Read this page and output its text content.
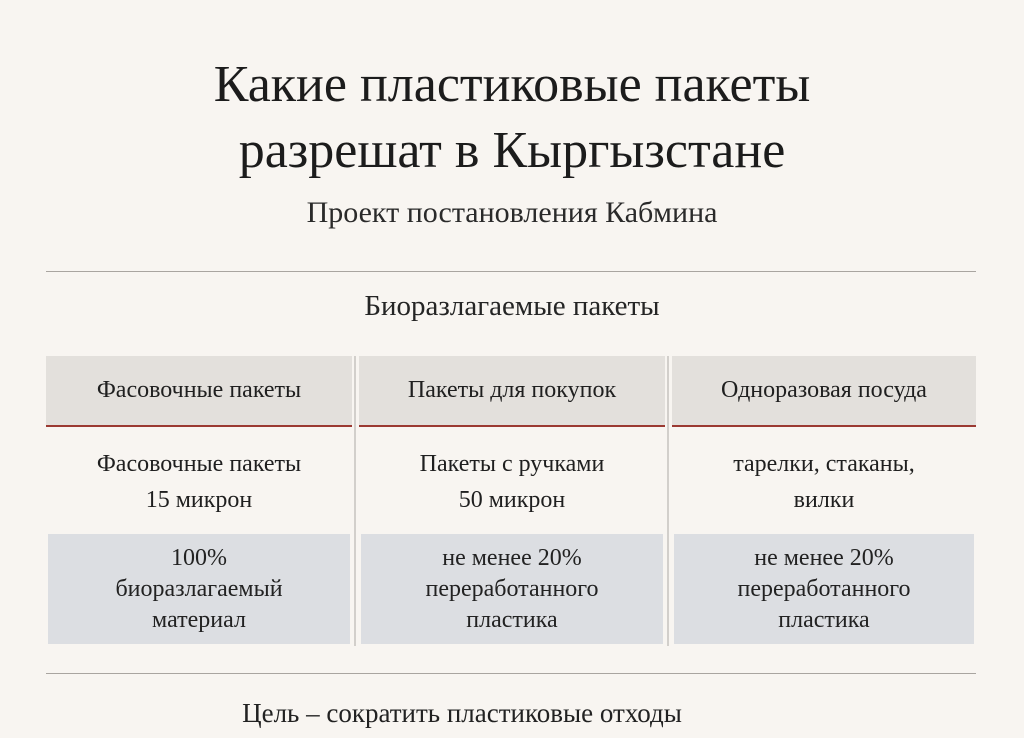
Какие пластиковые пакеты
разрешат в Кыргызстане
Проект постановления Кабмина
Биоразлагаемые пакеты
Фасовочные пакеты
Фасовочные пакеты
15 микрон
100%
биоразлагаемый
материал
Пакеты для покупок
Пакеты с ручками
50 микрон
не менее 20%
переработанного
пластика
Одноразовая посуда
тарелки, стаканы,
вилки
не менее 20%
переработанного
пластика
Цель – сократить пластиковые отходы
